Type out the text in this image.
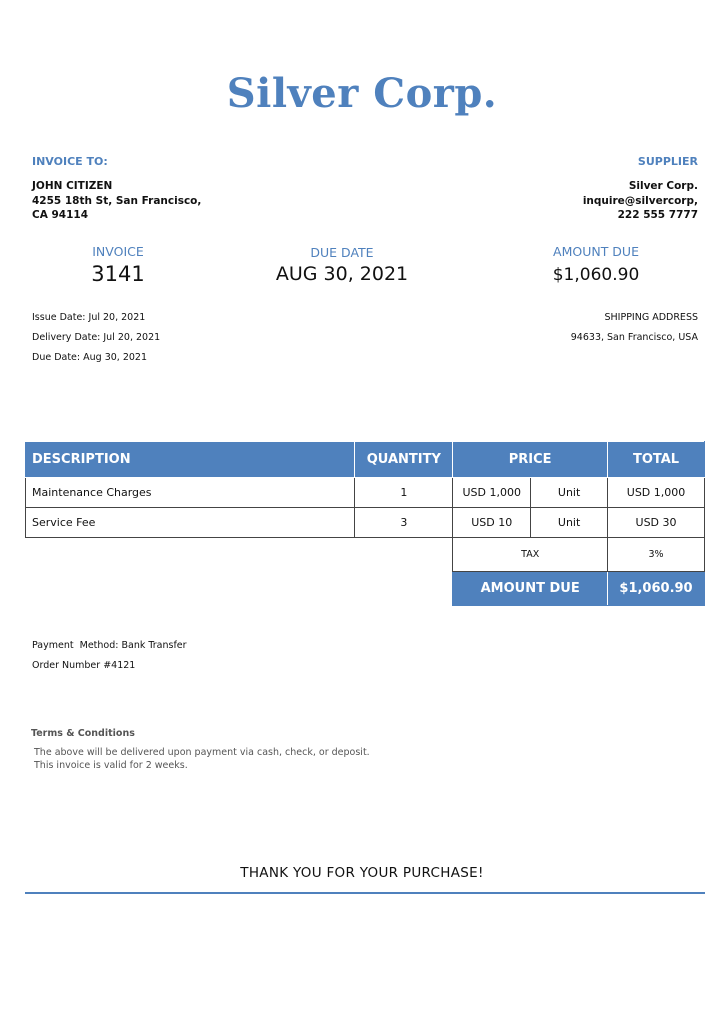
Silver Corp.
INVOICE TO:
JOHN CITIZEN
4255 18th St, San Francisco,
CA 94114
SUPPLIER
Silver Corp.
inquire@silvercorp,
222 555 7777
INVOICE
3141
DUE DATE
AUG 30, 2021
AMOUNT DUE
$1,060.90
Issue Date: Jul 20, 2021
Delivery Date: Jul 20, 2021
Due Date: Aug 30, 2021
SHIPPING ADDRESS
94633, San Francisco, USA
DESCRIPTION	QUANTITY	PRICE		TOTAL
Maintenance Charges	1	USD 1,000	Unit	USD 1,000
Service Fee	3	USD 10	Unit	USD 30
		TAX		3%
		AMOUNT DUE		$1,060.90
Payment  Method: Bank Transfer
Order Number #4121
Terms & Conditions
The above will be delivered upon payment via cash, check, or deposit.
This invoice is valid for 2 weeks.
THANK YOU FOR YOUR PURCHASE!
